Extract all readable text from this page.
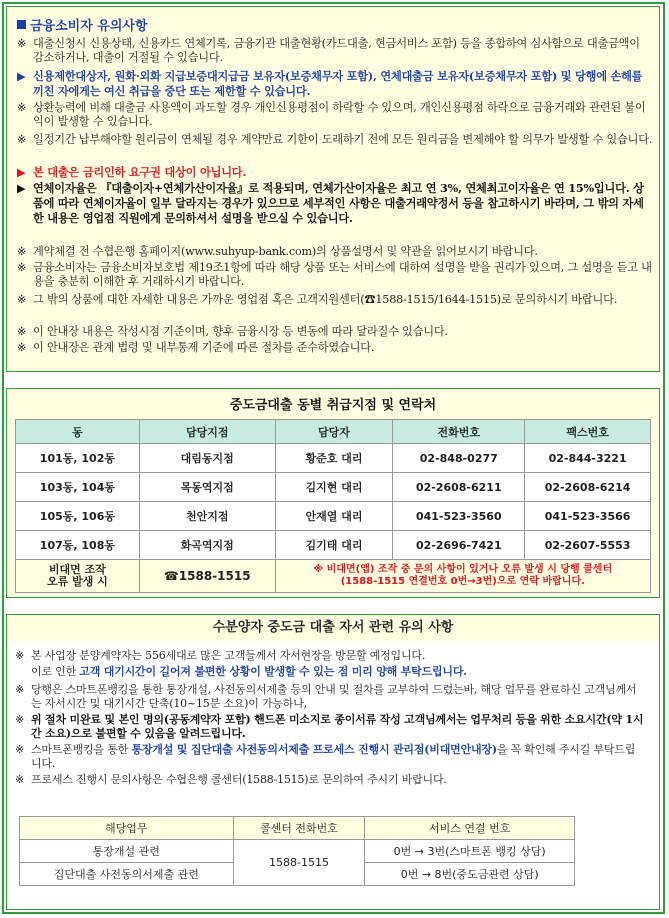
금융소비자 유의사항
※ 대출신청시 신용상태, 신용카드 연체기록, 금융기관 대출현황(카드대출, 현금서비스 포함) 등을 종합하여 심사함으로 대출금액이 감소하거나, 대출이 거절될 수 있습니다.
▶ 신용제한대상자, 원화·외화 지급보증대지급금 보유자(보증채무자 포함), 연체대출금 보유자(보증채무자 포함) 및 당행에 손해를 끼친 자에게는 여신 취급을 중단 또는 제한할 수 있습니다.
※ 상환능력에 비해 대출금 사용액이 과도할 경우 개인신용평점이 하락할 수 있으며, 개인신용평점 하락으로 금융거래와 관련된 불이익이 발생할 수 있습니다.
※ 일정기간 납부해야할 원리금이 연체될 경우 계약만료 기한이 도래하기 전에 모든 원리금을 변제해야 할 의무가 발생할 수 있습니다.
▶ 본 대출은 금리인하 요구권 대상이 아닙니다.
▶ 연체이자율은 『대출이자+연체가산이자율』로 적용되며, 연체가산이자율은 최고 연 3%, 연체최고이자율은 연 15%입니다. 상품에 따라 연체이자율이 일부 달라지는 경우가 있으므로 세부적인 사항은 대출거래약정서 등을 참고하시기 바라며, 그 밖의 자세한 내용은 영업점 직원에게 문의하셔서 설명을 받으실 수 있습니다.
※ 계약체결 전 수협은행 홈페이지(www.suhyup-bank.com)의 상품설명서 및 약관을 읽어보시기 바랍니다.
※ 금융소비자는 금융소비자보호법 제19조1항에 따라 해당 상품 또는 서비스에 대하여 설명을 받을 권리가 있으며, 그 설명을 듣고 내용을 충분히 이해한 후 거래하시기 바랍니다.
※ 그 밖의 상품에 대한 자세한 내용은 가까운 영업점 혹은 고객지원센터(☎1588-1515/1644-1515)로 문의하시기 바랍니다.
※ 이 안내장 내용은 작성시점 기준이며, 향후 금융시장 등 변동에 따라 달라질수 있습니다.
※ 이 안내장은 관계 법령 및 내부통제 기준에 따른 절차를 준수하였습니다.
중도금대출 동별 취급지점 및 연락처
동	담당지점	담당자	전화번호	팩스번호
101동, 102동	대림동지점	황준호 대리	02-848-0277	02-844-3221
103동, 104동	목동역지점	김지현 대리	02-2608-6211	02-2608-6214
105동, 106동	천안지점	안재열 대리	041-523-3560	041-523-3566
107동, 108동	화곡역지점	김기태 대리	02-2696-7421	02-2607-5553
비대면 조작
오류 발생 시	☎1588-1515	※ 비대면(앱) 조작 중 문의 사항이 있거나 오류 발생 시 당행 콜센터
(1588-1515 연결번호 0번→3번)으로 연락 바랍니다.		
수분양자 중도금 대출 자서 관련 유의 사항
※ 본 사업장 분양계약자는 556세대로 많은 고객들께서 자서현장을 방문할 예정입니다.
이로 인한 고객 대기시간이 길어져 불편한 상황이 발생할 수 있는 점 미리 양해 부탁드립니다.
※ 당행은 스마트폰뱅킹을 통한 통장개설, 사전동의서제출 등의 안내 및 절차를 교부하여 드렸는바, 해당 업무를 완료하신 고객님께서는 자서시간 및 대기시간 단축(10~15분 소요)이 가능하나,
※ 위 절차 미완료 및 본인 명의(공동계약자 포함) 핸드폰 미소지로 종이서류 작성 고객님께서는 업무처리 등을 위한 소요시간(약 1시간 소요)으로 불편할 수 있음을 알려드립니다.
※ 스마트폰뱅킹을 통한 통장개설 및 집단대출 사전동의서제출 프로세스 진행시 관리점(비대면안내장)을 꼭 확인해 주시길 부탁드립니다.
※ 프로세스 진행시 문의사항은 수협은행 콜센터(1588-1515)로 문의하여 주시기 바랍니다.
해당업무	콜센터 전화번호	서비스 연결 번호
통장개설 관련	1588-1515	0번 → 3번(스마트폰 뱅킹 상담)
집단대출 사전동의서제출 관련		0번 → 8번(중도금관련 상담)
